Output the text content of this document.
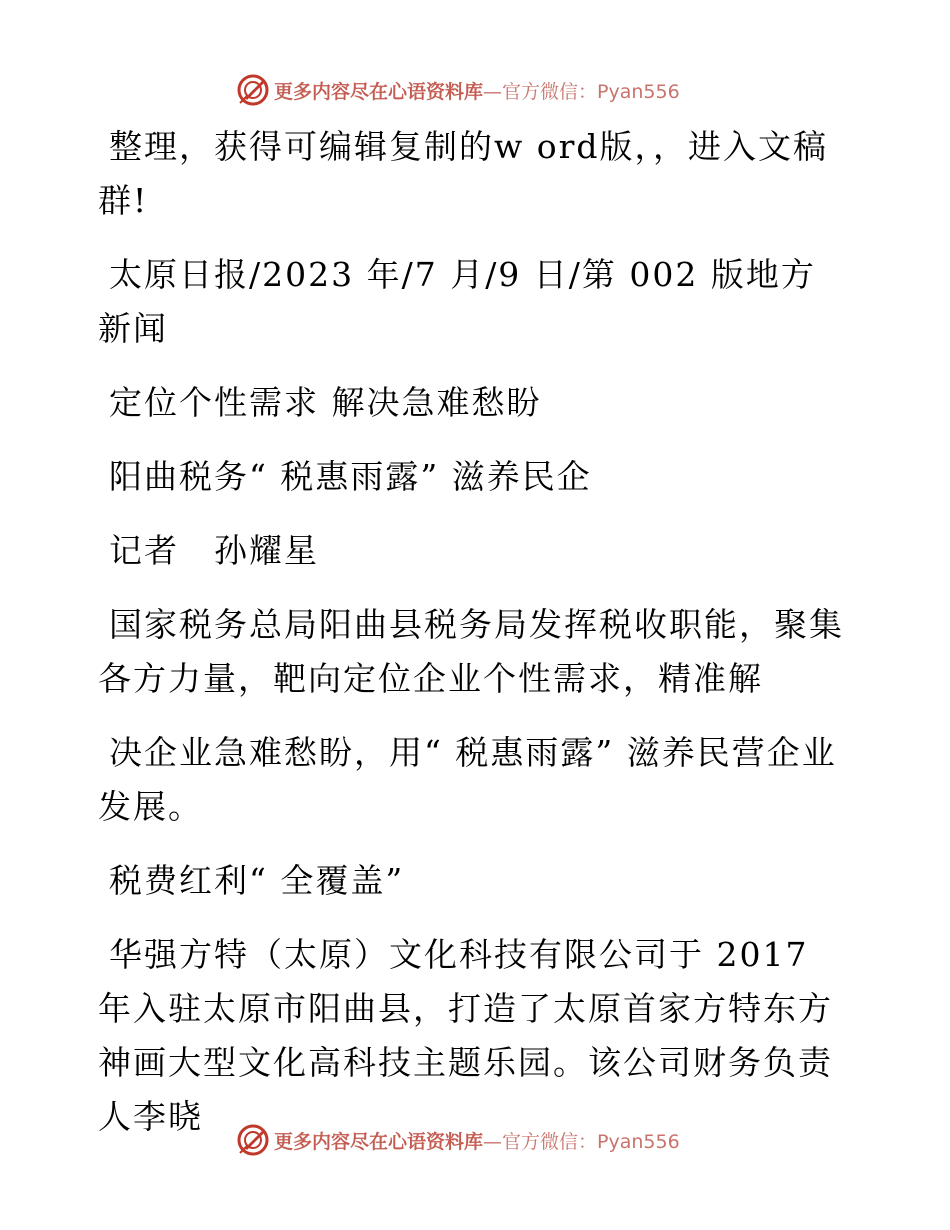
更多内容尽在心语资料库—官方微信：Pyan556

整理，获得可编辑复制的w ord版，，进入文稿群!

太原日报/2023 年/7 月/9 日/第 002 版地方新闻

定位个性需求 解决急难愁盼

阳曲税务“ 税惠雨露” 滋养民企

记者　孙耀星

国家税务总局阳曲县税务局发挥税收职能，聚集各方力量，靶向定位企业个性需求，精准解

决企业急难愁盼，用“ 税惠雨露” 滋养民营企业发展。

税费红利“ 全覆盖”

华强方特（太原）文化科技有限公司于 2017 年入驻太原市阳曲县，打造了太原首家方特东方神画大型文化高科技主题乐园。该公司财务负责人李晓

更多内容尽在心语资料库—官方微信：Pyan556
